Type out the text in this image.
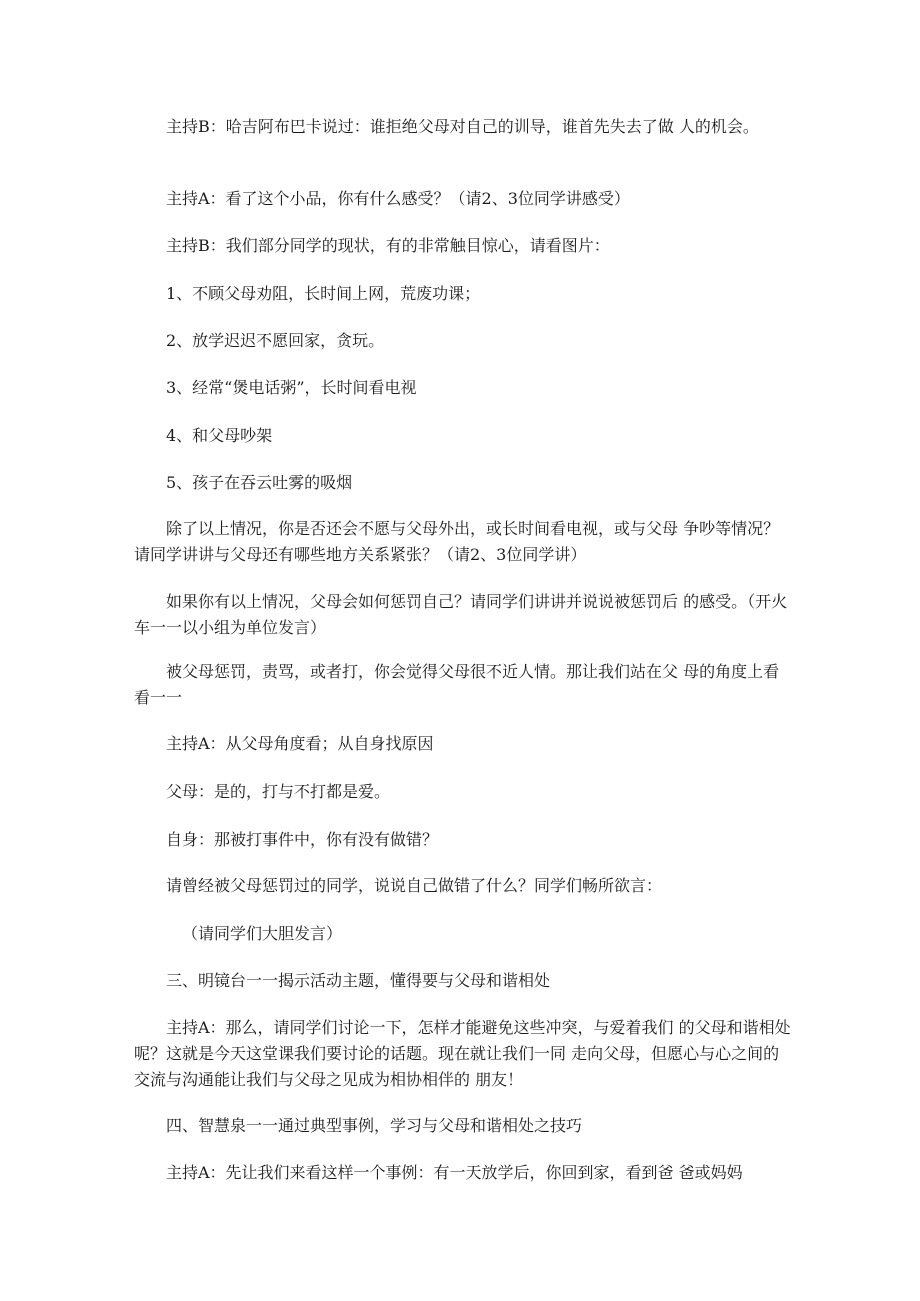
主持B：哈吉阿布巴卡说过：谁拒绝父母对自己的训导，谁首先失去了做 人的机会。

主持A：看了这个小品，你有什么感受？（请2、3位同学讲感受）

主持B：我们部分同学的现状，有的非常触目惊心，请看图片：

1、不顾父母劝阻，长时间上网，荒废功课；

2、放学迟迟不愿回家，贪玩。

3、经常“煲电话粥”，长时间看电视

4、和父母吵架

5、孩子在吞云吐雾的吸烟

除了以上情况，你是否还会不愿与父母外出，或长时间看电视，或与父母 争吵等情况？请同学讲讲与父母还有哪些地方关系紧张？（请2、3位同学讲）

如果你有以上情况，父母会如何惩罚自己？请同学们讲讲并说说被惩罚后 的感受。（开火车一一以小组为单位发言）

被父母惩罚，责骂，或者打，你会觉得父母很不近人情。那让我们站在父 母的角度上看看一一

主持A：从父母角度看；从自身找原因

父母：是的，打与不打都是爱。

自身：那被打事件中，你有没有做错？

请曾经被父母惩罚过的同学，说说自己做错了什么？同学们畅所欲言：

（请同学们大胆发言）

三、明镜台一一揭示活动主题，懂得要与父母和谐相处

主持A：那么，请同学们讨论一下，怎样才能避免这些冲突，与爱着我们 的父母和谐相处呢？这就是今天这堂课我们要讨论的话题。现在就让我们一同 走向父母，但愿心与心之间的交流与沟通能让我们与父母之见成为相协相伴的 朋友！

四、智慧泉一一通过典型事例，学习与父母和谐相处之技巧

主持A：先让我们来看这样一个事例：有一天放学后，你回到家，看到爸 爸或妈妈
